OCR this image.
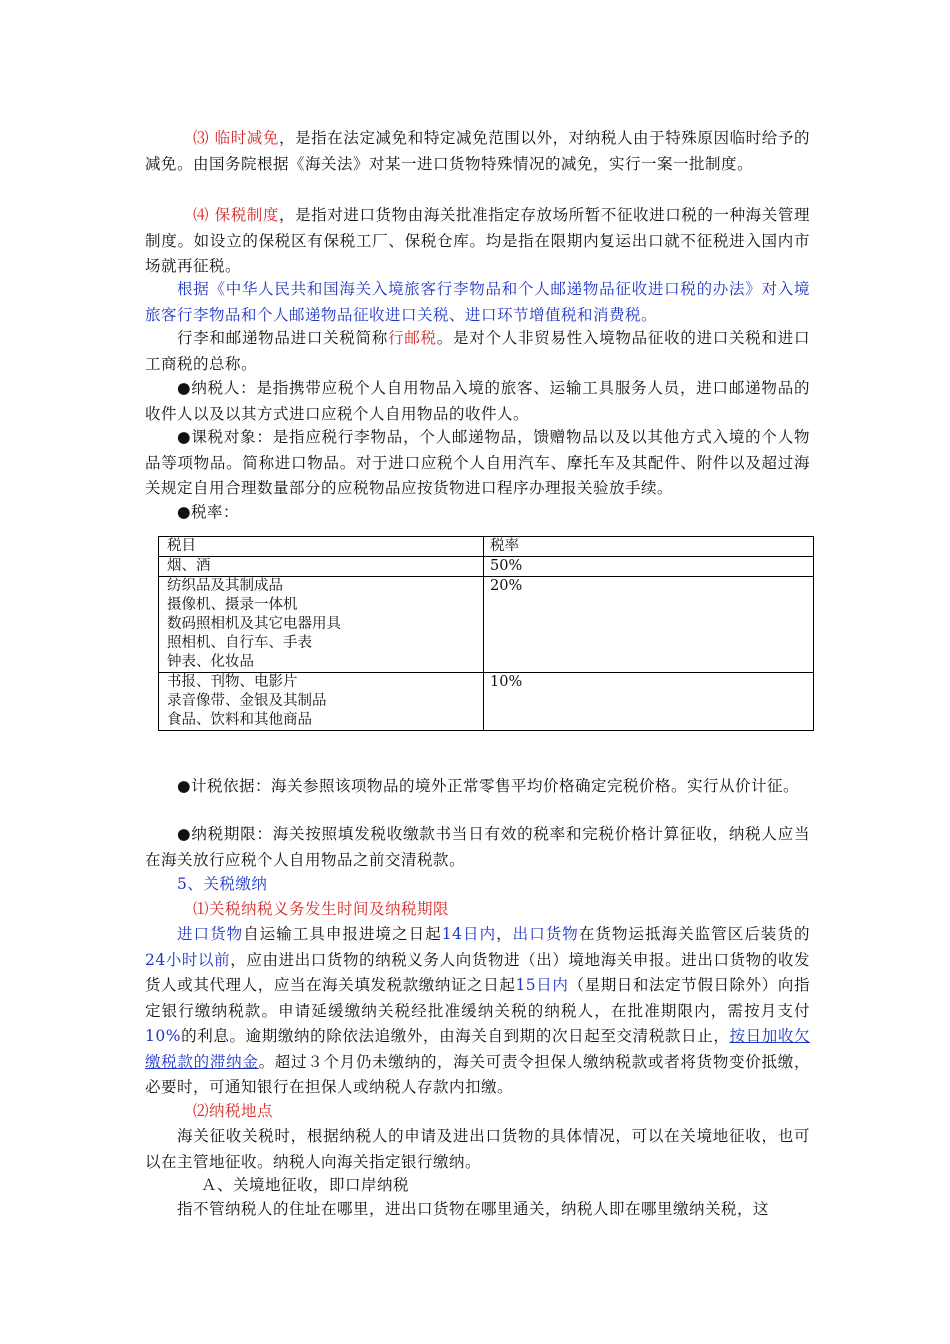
⑶ 临时减免，是指在法定减免和特定减免范围以外，对纳税人由于特殊原因临时给予的减免。由国务院根据《海关法》对某一进口货物特殊情况的减免，实行一案一批制度。

⑷ 保税制度，是指对进口货物由海关批准指定存放场所暂不征收进口税的一种海关管理制度。如设立的保税区有保税工厂、保税仓库。均是指在限期内复运出口就不征税进入国内市场就再征税。

根据《中华人民共和国海关入境旅客行李物品和个人邮递物品征收进口税的办法》对入境旅客行李物品和个人邮递物品征收进口关税、进口环节增值税和消费税。

行李和邮递物品进口关税简称行邮税。是对个人非贸易性入境物品征收的进口关税和进口工商税的总称。

●纳税人：是指携带应税个人自用物品入境的旅客、运输工具服务人员，进口邮递物品的收件人以及以其方式进口应税个人自用物品的收件人。

●课税对象：是指应税行李物品，个人邮递物品，馈赠物品以及以其他方式入境的个人物品等项物品。简称进口物品。对于进口应税个人自用汽车、摩托车及其配件、附件以及超过海关规定自用合理数量部分的应税物品应按货物进口程序办理报关验放手续。

●税率：

税目	税率

烟、酒	50%

纺织品及其制成品
摄像机、摄录一体机
数码照相机及其它电器用具
照相机、自行车、手表
钟表、化妆品	20%

书报、刊物、电影片
录音像带、金银及其制品
食品、饮料和其他商品	10%

●计税依据：海关参照该项物品的境外正常零售平均价格确定完税价格。实行从价计征。

●纳税期限：海关按照填发税收缴款书当日有效的税率和完税价格计算征收，纳税人应当在海关放行应税个人自用物品之前交清税款。

5、关税缴纳

⑴关税纳税义务发生时间及纳税期限

进口货物自运输工具申报进境之日起14日内，出口货物在货物运抵海关监管区后装货的24小时以前，应由进出口货物的纳税义务人向货物进（出）境地海关申报。进出口货物的收发货人或其代理人，应当在海关填发税款缴纳证之日起15日内（星期日和法定节假日除外）向指定银行缴纳税款。申请延缓缴纳关税经批准缓纳关税的纳税人，在批准期限内，需按月支付10%的利息。逾期缴纳的除依法追缴外，由海关自到期的次日起至交清税款日止，按日加收欠缴税款的滞纳金。超过３个月仍未缴纳的，海关可责令担保人缴纳税款或者将货物变价抵缴，必要时，可通知银行在担保人或纳税人存款内扣缴。

⑵纳税地点

海关征收关税时，根据纳税人的申请及进出口货物的具体情况，可以在关境地征收，也可以在主管地征收。纳税人向海关指定银行缴纳。

Ａ、关境地征收，即口岸纳税

指不管纳税人的住址在哪里，进出口货物在哪里通关，纳税人即在哪里缴纳关税，这
